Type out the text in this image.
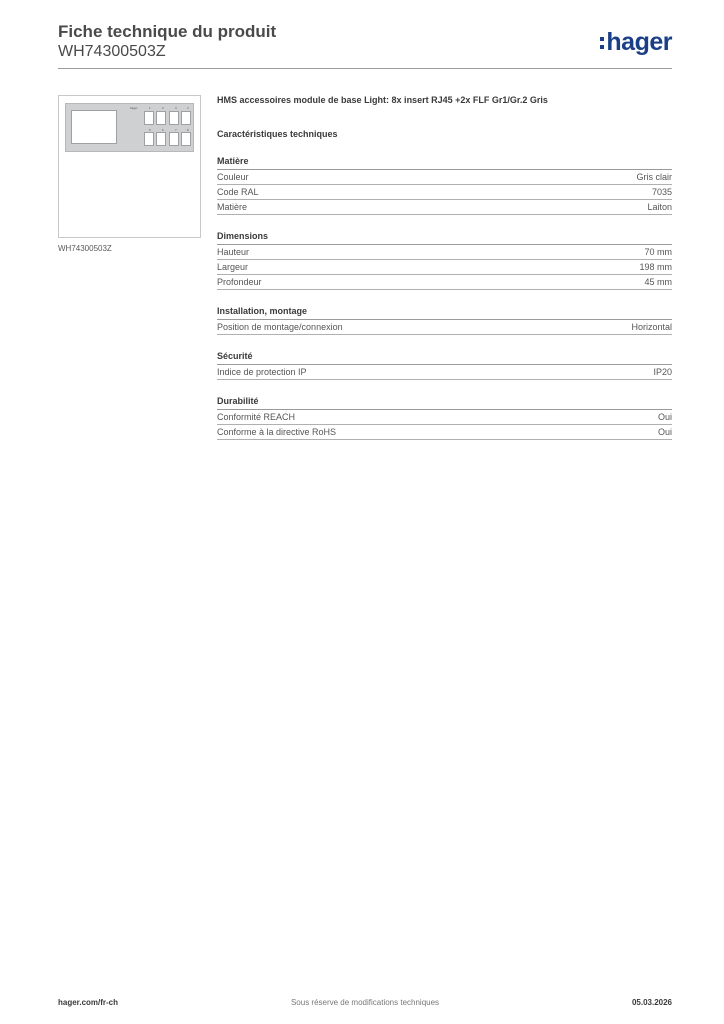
Fiche technique du produit
WH74300503Z	hager
hager	1	2	3	4
5	6	7	8
WH74300503Z
HMS accessoires module de base Light: 8x insert RJ45 +2x FLF Gr1/Gr.2 Gris
Caractéristiques techniques
Matière
Couleur	Gris clair
Code RAL	7035
Matière	Laiton
Dimensions
Hauteur	70 mm
Largeur	198 mm
Profondeur	45 mm
Installation, montage
Position de montage/connexion	Horizontal
Sécurité
Indice de protection IP	IP20
Durabilité
Conformité REACH	Oui
Conforme à la directive RoHS	Oui
hager.com/fr-ch	Sous réserve de modifications techniques	05.03.2026
